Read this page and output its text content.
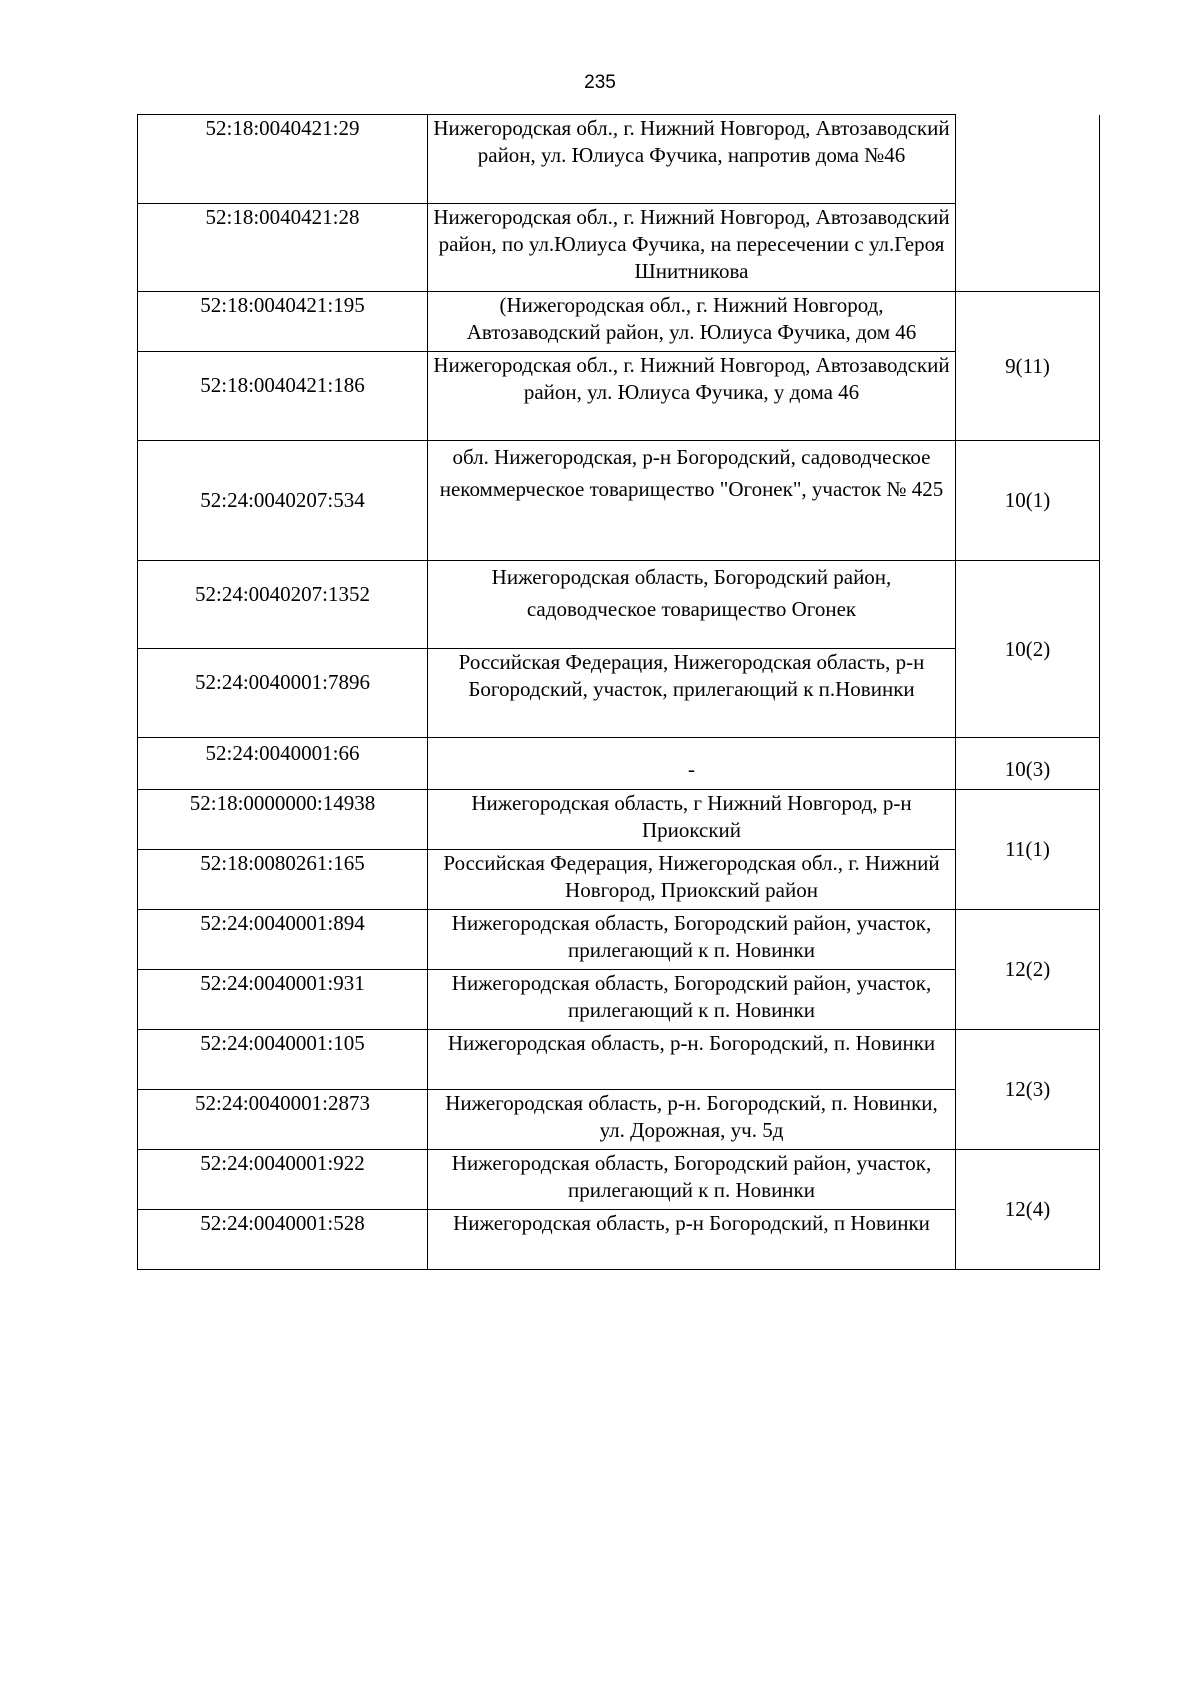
235
52:18:0040421:29	Нижегородская обл., г. Нижний Новгород, Автозаводский район, ул. Юлиуса Фучика, напротив дома №46	
52:18:0040421:28	Нижегородская обл., г. Нижний Новгород, Автозаводский район, по ул.Юлиуса Фучика, на пересечении с ул.Героя Шнитникова	
52:18:0040421:195	(Нижегородская обл., г. Нижний Новгород, Автозаводский район, ул. Юлиуса Фучика, дом 46	9(11)
52:18:0040421:186	Нижегородская обл., г. Нижний Новгород, Автозаводский район, ул. Юлиуса Фучика, у дома 46	
52:24:0040207:534	обл. Нижегородская, р-н Богородский, садоводческое некоммерческое товарищество "Огонек", участок № 425	10(1)
52:24:0040207:1352	Нижегородская область, Богородский район, садоводческое товарищество Огонек	10(2)
52:24:0040001:7896	Российская Федерация, Нижегородская область, р-н Богородский, участок, прилегающий к п.Новинки	
52:24:0040001:66	-	10(3)
52:18:0000000:14938	Нижегородская область, г Нижний Новгород, р-н Приокский	11(1)
52:18:0080261:165	Российская Федерация, Нижегородская обл., г. Нижний Новгород, Приокский район	
52:24:0040001:894	Нижегородская область, Богородский район, участок, прилегающий к п. Новинки	12(2)
52:24:0040001:931	Нижегородская область, Богородский район, участок, прилегающий к п. Новинки	
52:24:0040001:105	Нижегородская область, р-н. Богородский, п. Новинки	12(3)
52:24:0040001:2873	Нижегородская область, р-н. Богородский, п. Новинки, ул. Дорожная, уч. 5д	
52:24:0040001:922	Нижегородская область, Богородский район, участок, прилегающий к п. Новинки	12(4)
52:24:0040001:528	Нижегородская область, р-н Богородский, п Новинки	
